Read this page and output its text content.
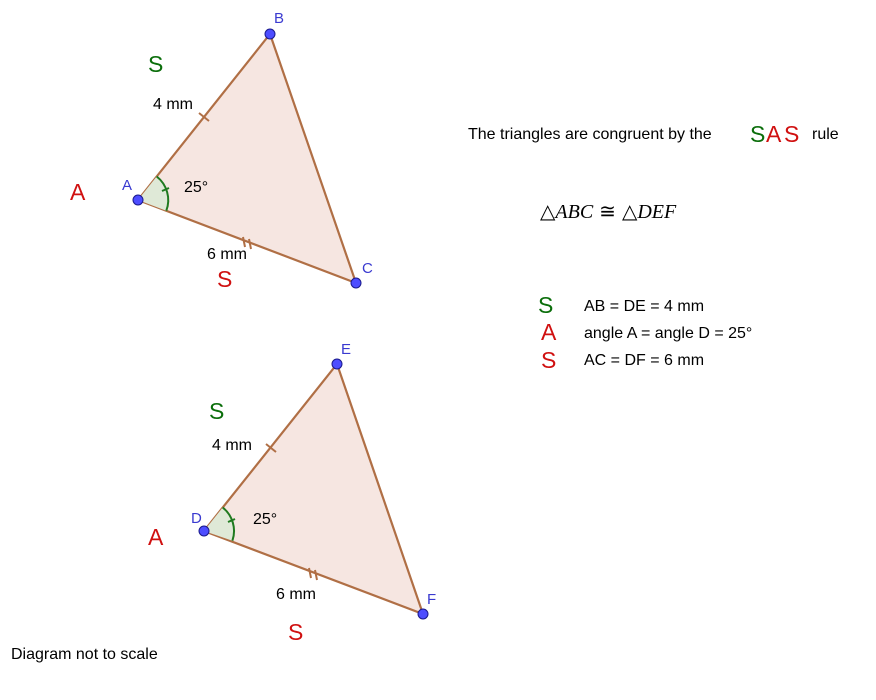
A
B
C
4 mm
6 mm
25°
S
A
S
D
E
F
4 mm
6 mm
25°
S
A
S
The triangles are congruent by the S A S rule
△ABC ≅ △DEF
S AB = DE = 4 mm
A angle A = angle D = 25°
S AC = DF = 6 mm
Diagram not to scale
